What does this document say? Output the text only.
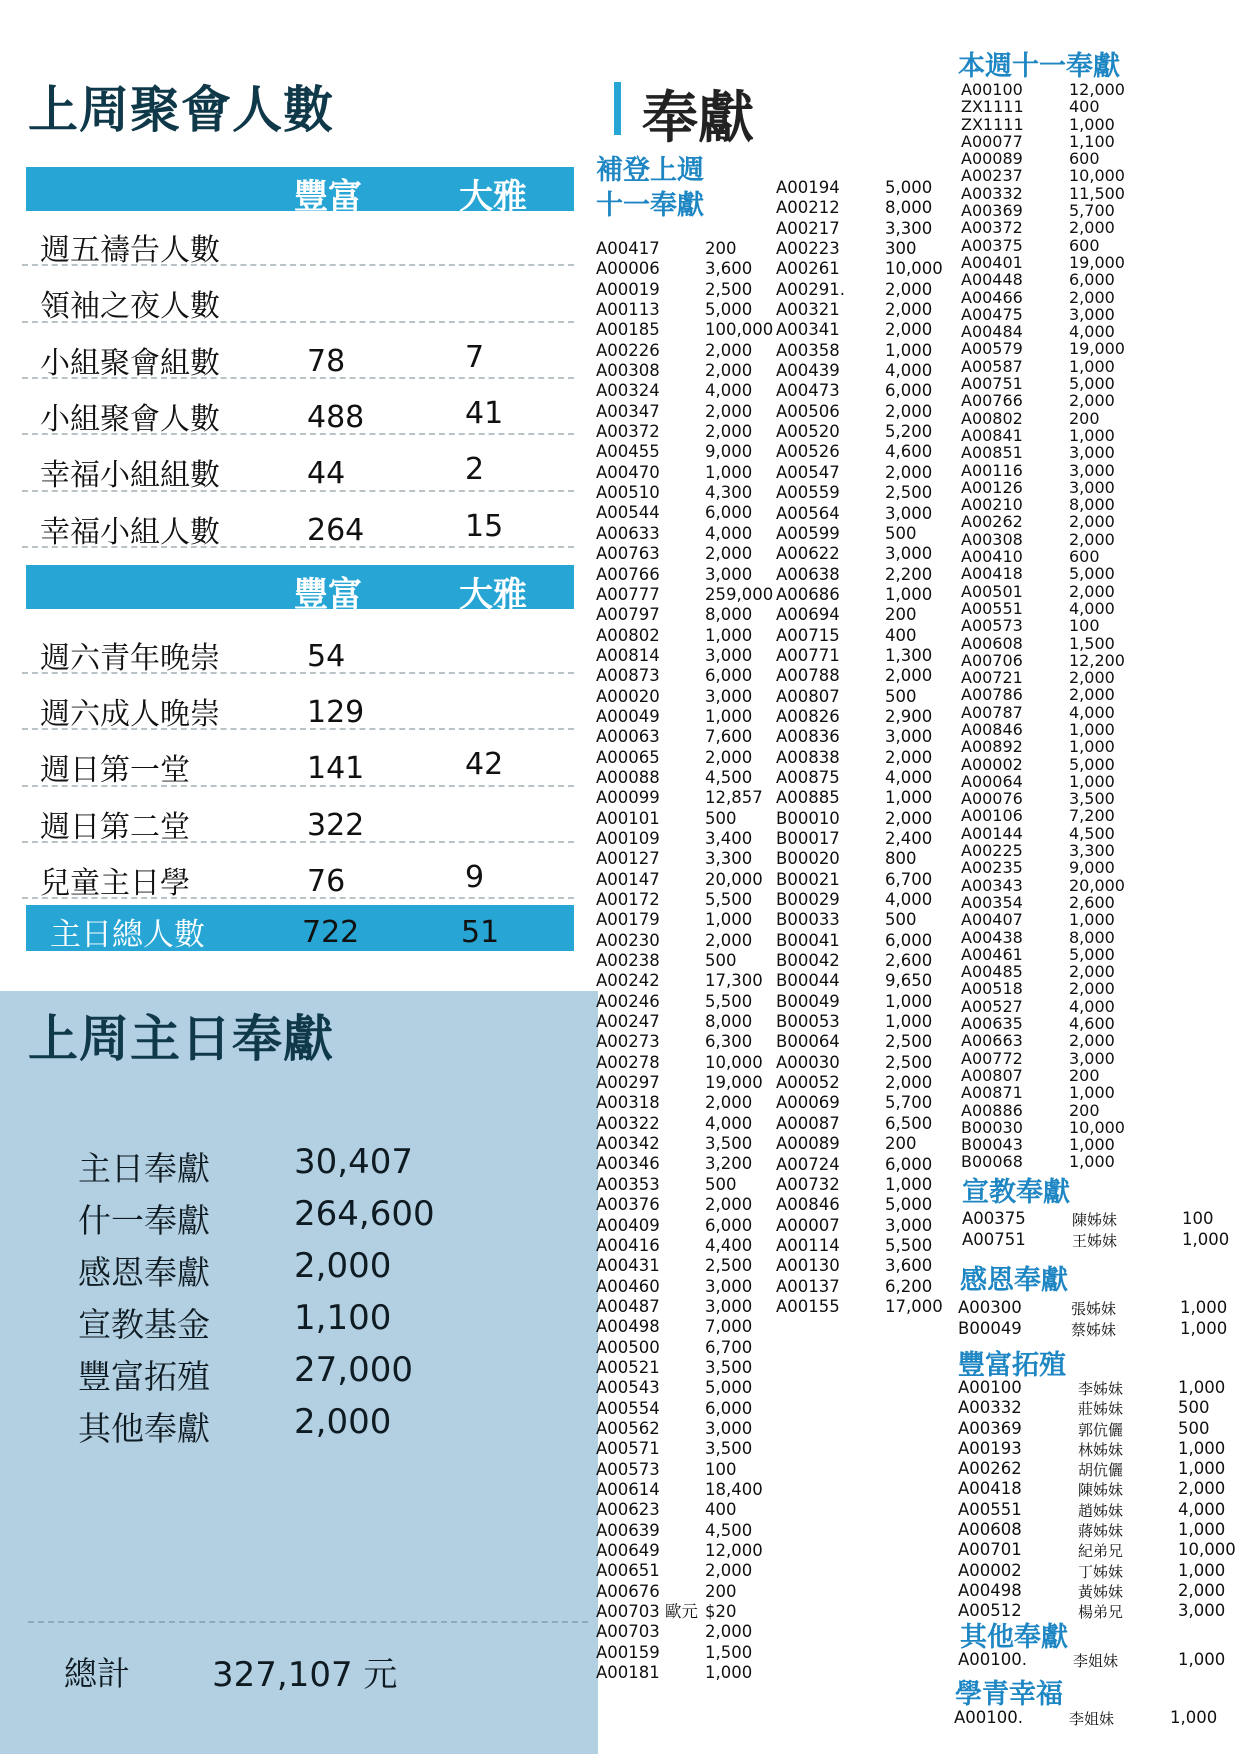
上周聚會人數
豐富	大雅
週五禱告人數
領袖之夜人數
小組聚會組數	78	7
小組聚會人數	488	41
幸福小組組數	44	2
幸福小組人數	264	15
豐富	大雅
週六青年晚崇	54
週六成人晚崇	129
週日第一堂	141	42
週日第二堂	322
兒童主日學	76	9
主日總人數	722	51
上周主日奉獻
主日奉獻 30,407
什一奉獻 264,600
感恩奉獻 2,000
宣教基金 1,100
豐富拓殖 27,000
其他奉獻 2,000
總計 327,107 元
奉獻
補登上週
十一奉獻
A00417	200
A00006	3,600
A00019	2,500
A00113	5,000
A00185	100,000
A00226	2,000
A00308	2,000
A00324	4,000
A00347	2,000
A00372	2,000
A00455	9,000
A00470	1,000
A00510	4,300
A00544	6,000
A00633	4,000
A00763	2,000
A00766	3,000
A00777	259,000
A00797	8,000
A00802	1,000
A00814	3,000
A00873	6,000
A00020	3,000
A00049	1,000
A00063	7,600
A00065	2,000
A00088	4,500
A00099	12,857
A00101	500
A00109	3,400
A00127	3,300
A00147	20,000
A00172	5,500
A00179	1,000
A00230	2,000
A00238	500
A00242	17,300
A00246	5,500
A00247	8,000
A00273	6,300
A00278	10,000
A00297	19,000
A00318	2,000
A00322	4,000
A00342	3,500
A00346	3,200
A00353	500
A00376	2,000
A00409	6,000
A00416	4,400
A00431	2,500
A00460	3,000
A00487	3,000
A00498	7,000
A00500	6,700
A00521	3,500
A00543	5,000
A00554	6,000
A00562	3,000
A00571	3,500
A00573	100
A00614	18,400
A00623	400
A00639	4,500
A00649	12,000
A00651	2,000
A00676	200
A00703 歐元 $20
A00703	2,000
A00159	1,500
A00181	1,000
A00194	5,000
A00212	8,000
A00217	3,300
A00223	300
A00261	10,000
A00291. 2,000
A00321	2,000
A00341	2,000
A00358	1,000
A00439	4,000
A00473	6,000
A00506	2,000
A00520	5,200
A00526	4,600
A00547	2,000
A00559	2,500
A00564	3,000
A00599	500
A00622	3,000
A00638	2,200
A00686	1,000
A00694	200
A00715	400
A00771	1,300
A00788	2,000
A00807	500
A00826	2,900
A00836	3,000
A00838	2,000
A00875	4,000
A00885	1,000
B00010	2,000
B00017	2,400
B00020	800
B00021	6,700
B00029	4,000
B00033	500
B00041	6,000
B00042	2,600
B00044	9,650
B00049	1,000
B00053	1,000
B00064	2,500
A00030	2,500
A00052	2,000
A00069	5,700
A00087	6,500
A00089	200
A00724	6,000
A00732	1,000
A00846	5,000
A00007	3,000
A00114	5,500
A00130	3,600
A00137	6,200
A00155	17,000
本週十一奉獻
A00100	12,000
ZX1111	400
ZX1111	1,000
A00077	1,100
A00089	600
A00237	10,000
A00332	11,500
A00369	5,700
A00372	2,000
A00375	600
A00401	19,000
A00448	6,000
A00466	2,000
A00475	3,000
A00484	4,000
A00579	19,000
A00587	1,000
A00751	5,000
A00766	2,000
A00802	200
A00841	1,000
A00851	3,000
A00116	3,000
A00126	3,000
A00210	8,000
A00262	2,000
A00308	2,000
A00410	600
A00418	5,000
A00501	2,000
A00551	4,000
A00573	100
A00608	1,500
A00706	12,200
A00721	2,000
A00786	2,000
A00787	4,000
A00846	1,000
A00892	1,000
A00002	5,000
A00064	1,000
A00076	3,500
A00106	7,200
A00144	4,500
A00225	3,300
A00235	9,000
A00343	20,000
A00354	2,600
A00407	1,000
A00438	8,000
A00461	5,000
A00485	2,000
A00518	2,000
A00527	4,000
A00635	4,600
A00663	2,000
A00772	3,000
A00807	200
A00871	1,000
A00886	200
B00030	10,000
B00043	1,000
B00068	1,000
宣教奉獻
A00375	陳姊妹	100
A00751	王姊妹	1,000
感恩奉獻
A00300	張姊妹	1,000
B00049	蔡姊妹	1,000
豐富拓殖
A00100	李姊妹	1,000
A00332	莊姊妹	500
A00369	郭伉儷	500
A00193	林姊妹	1,000
A00262	胡伉儷	1,000
A00418	陳姊妹	2,000
A00551	趙姊妹	4,000
A00608	蔣姊妹	1,000
A00701	紀弟兄	10,000
A00002	丁姊妹	1,000
A00498	黃姊妹	2,000
A00512	楊弟兄	3,000
其他奉獻
A00100.	李姐妹	1,000
學青幸福
A00100.	李姐妹	1,000
